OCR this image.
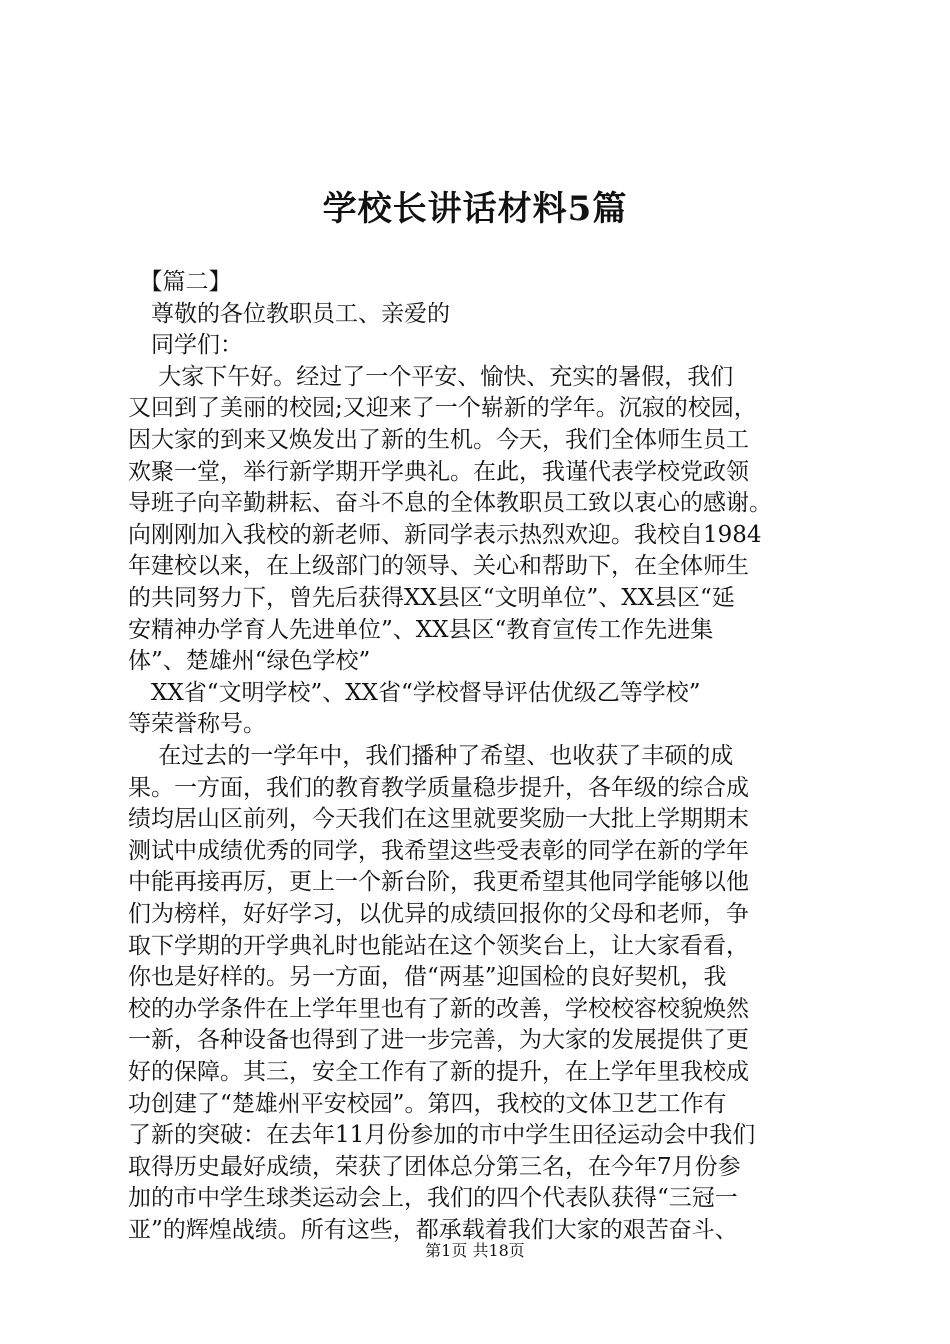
学校长讲话材料5篇
　【篇二】
　尊敬的各位教职员工、亲爱的
　同学们：
　 大家下午好。经过了一个平安、愉快、充实的暑假，我们
又回到了美丽的校园;又迎来了一个崭新的学年。沉寂的校园，
因大家的到来又焕发出了新的生机。今天，我们全体师生员工
欢聚一堂，举行新学期开学典礼。在此，我谨代表学校党政领
导班子向辛勤耕耘、奋斗不息的全体教职员工致以衷心的感谢。
向刚刚加入我校的新老师、新同学表示热烈欢迎。我校自1984
年建校以来，在上级部门的领导、关心和帮助下，在全体师生
的共同努力下，曾先后获得XX县区“文明单位”、XX县区“延
安精神办学育人先进单位”、XX县区“教育宣传工作先进集
体”、楚雄州“绿色学校”
　XX省“文明学校”、XX省“学校督导评估优级乙等学校”
等荣誉称号。
　 在过去的一学年中，我们播种了希望、也收获了丰硕的成
果。一方面，我们的教育教学质量稳步提升，各年级的综合成
绩均居山区前列，今天我们在这里就要奖励一大批上学期期末
测试中成绩优秀的同学，我希望这些受表彰的同学在新的学年
中能再接再厉，更上一个新台阶，我更希望其他同学能够以他
们为榜样，好好学习，以优异的成绩回报你的父母和老师，争
取下学期的开学典礼时也能站在这个领奖台上，让大家看看，
你也是好样的。另一方面，借“两基”迎国检的良好契机，我
校的办学条件在上学年里也有了新的改善，学校校容校貌焕然
一新，各种设备也得到了进一步完善，为大家的发展提供了更
好的保障。其三，安全工作有了新的提升，在上学年里我校成
功创建了“楚雄州平安校园”。第四，我校的文体卫艺工作有
了新的突破：在去年11月份参加的市中学生田径运动会中我们
取得历史最好成绩，荣获了团体总分第三名，在今年7月份参
加的市中学生球类运动会上，我们的四个代表队获得“三冠一
亚”的辉煌战绩。所有这些，都承载着我们大家的艰苦奋斗、
第1页 共18页
